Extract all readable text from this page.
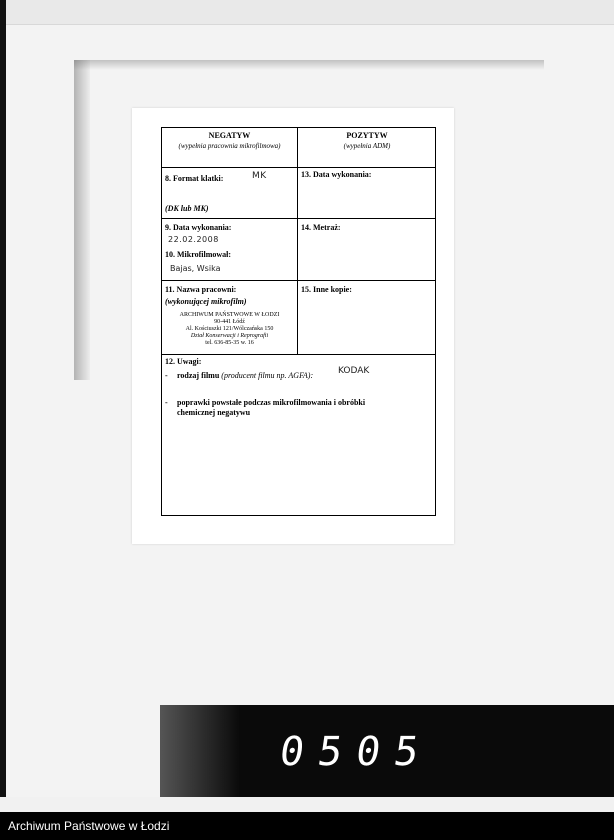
NEGATYW
(wypełnia pracownia mikrofilmowa)
POZYTYW
(wypełnia ADM)
8. Format klatki:	MK
(DK lub MK)
13. Data wykonania:
9. Data wykonania:
22.02.2008
10. Mikrofilmował:
Bajas, Wsika
14. Metraż:
11. Nazwa pracowni:
(wykonującej mikrofilm)
ARCHIWUM PAŃSTWOWE W ŁODZI
90-441 Łódź
Al. Kościuszki 121/Wólczańska 150
Dział Konserwacji i Reprografii
tel. 636-85-35 w. 16
15. Inne kopie:
12. Uwagi:
- rodzaj filmu (producent filmu np. AGFA):	KODAK
- poprawki powstałe podczas mikrofilmowania i obróbki
chemicznej negatywu
0505
Archiwum Państwowe w Łodzi
